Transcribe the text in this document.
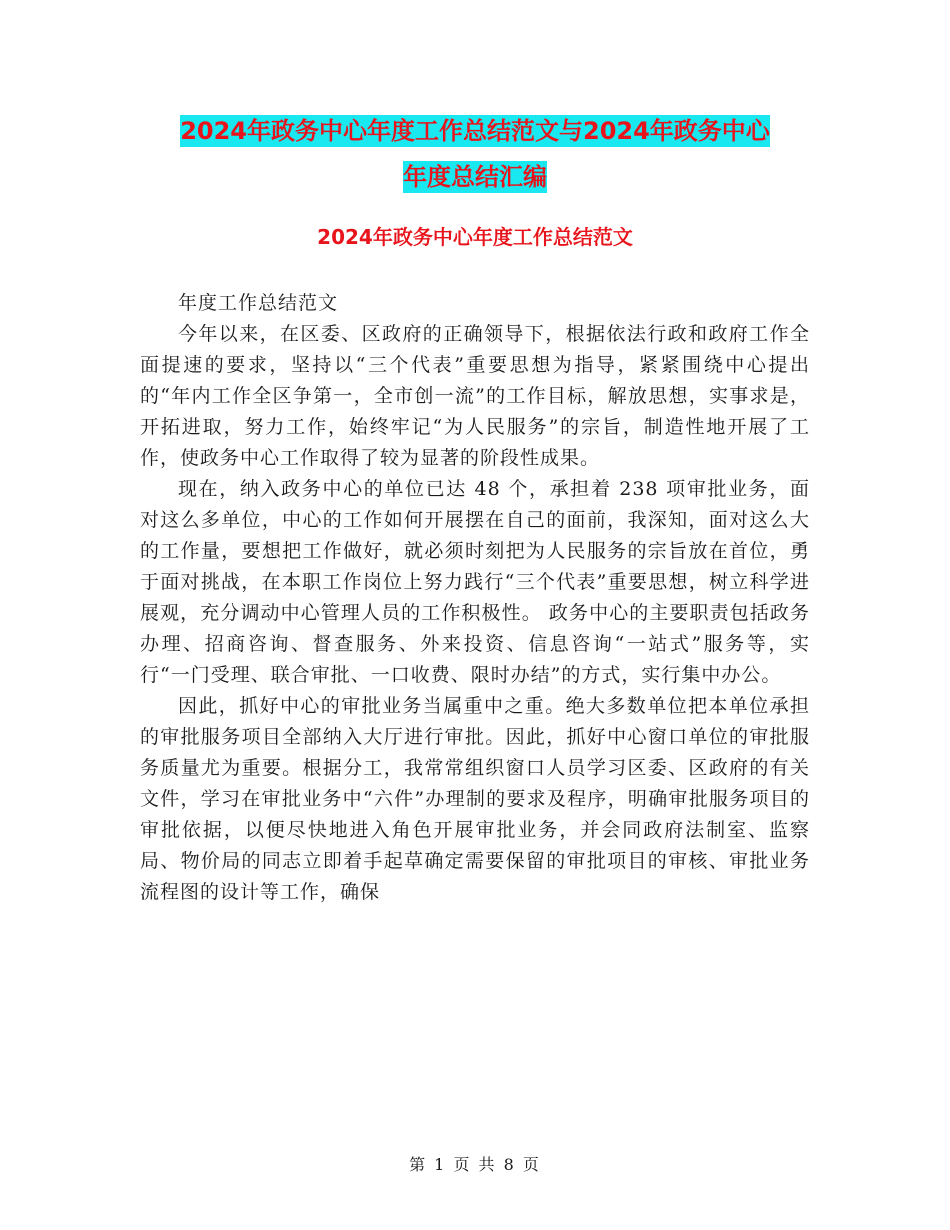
2024年政务中心年度工作总结范文与2024年政务中心
年度总结汇编
2024年政务中心年度工作总结范文

年度工作总结范文

今年以来，在区委、区政府的正确领导下，根据依法行政和政府工作全面提速的要求，坚持以“三个代表”重要思想为指导，紧紧围绕中心提出的“年内工作全区争第一，全市创一流”的工作目标，解放思想，实事求是，开拓进取，努力工作，始终牢记“为人民服务”的宗旨，制造性地开展了工作，使政务中心工作取得了较为显著的阶段性成果。

现在，纳入政务中心的单位已达 48 个，承担着 238 项审批业务，面对这么多单位，中心的工作如何开展摆在自己的面前，我深知，面对这么大的工作量，要想把工作做好，就必须时刻把为人民服务的宗旨放在首位，勇于面对挑战，在本职工作岗位上努力践行“三个代表”重要思想，树立科学进展观，充分调动中心管理人员的工作积极性。 政务中心的主要职责包括政务办理、招商咨询、督查服务、外来投资、信息咨询“一站式”服务等，实行“一门受理、联合审批、一口收费、限时办结”的方式，实行集中办公。

因此，抓好中心的审批业务当属重中之重。绝大多数单位把本单位承担的审批服务项目全部纳入大厅进行审批。因此，抓好中心窗口单位的审批服务质量尤为重要。根据分工，我常常组织窗口人员学习区委、区政府的有关文件，学习在审批业务中“六件”办理制的要求及程序，明确审批服务项目的审批依据，以便尽快地进入角色开展审批业务，并会同政府法制室、监察局、物价局的同志立即着手起草确定需要保留的审批项目的审核、审批业务流程图的设计等工作，确保

第 1 页 共 8 页
